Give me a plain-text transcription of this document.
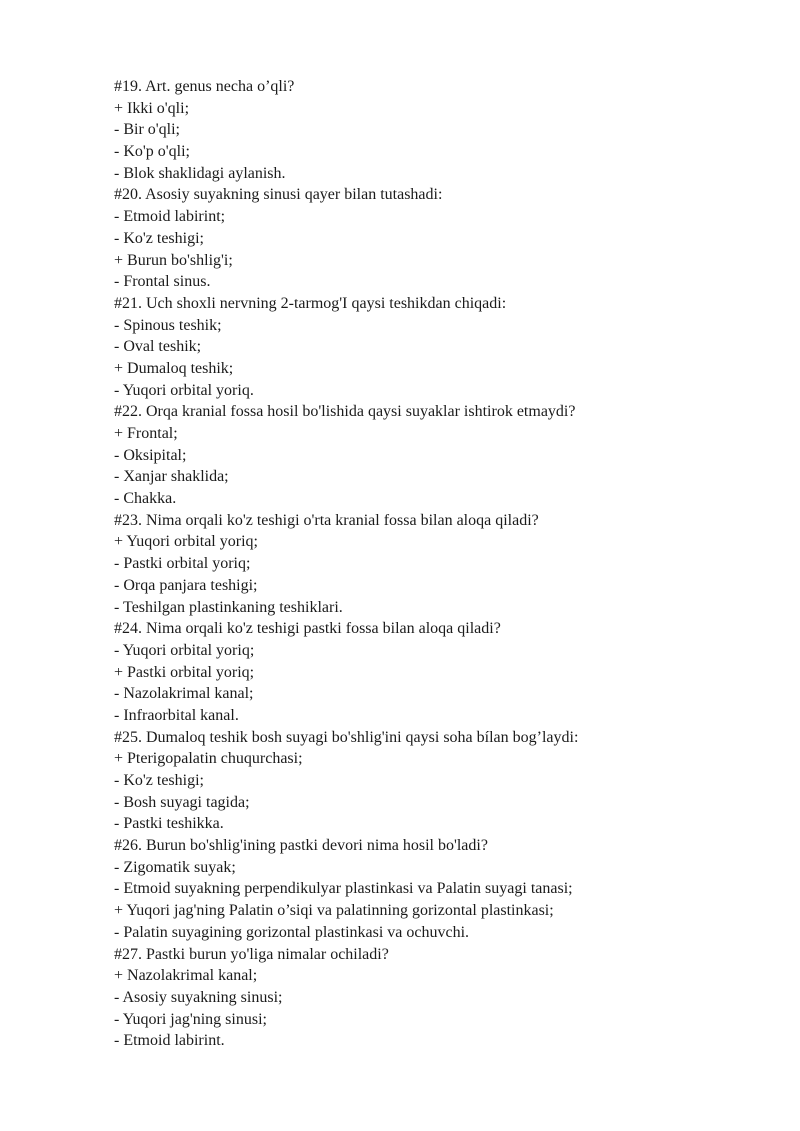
#19. Art. genus necha o’qli?

+ Ikki o'qli;

- Bir o'qli;

- Ko'p o'qli;

- Blok shaklidagi aylanish.

#20. Asosiy suyakning sinusi qayer bilan tutashadi:

- Etmoid labirint;

- Ko'z teshigi;

+ Burun bo'shlig'i;

- Frontal sinus.

#21. Uch shoxli nervning 2-tarmog'I qaysi teshikdan chiqadi:

- Spinous teshik;

- Oval teshik;

+ Dumaloq teshik;

- Yuqori orbital yoriq.

#22. Orqa kranial fossa hosil bo'lishida qaysi suyaklar ishtirok etmaydi?

+ Frontal;

- Oksipital;

- Xanjar shaklida;

- Chakka.

#23. Nima orqali ko'z teshigi o'rta kranial fossa bilan aloqa qiladi?

+ Yuqori orbital yoriq;

- Pastki orbital yoriq;

- Orqa panjara teshigi;

- Teshilgan plastinkaning teshiklari.

#24. Nima orqali ko'z teshigi pastki fossa bilan aloqa qiladi?

- Yuqori orbital yoriq;

+ Pastki orbital yoriq;

- Nazolakrimal kanal;

- Infraorbital kanal.

#25. Dumaloq teshik bosh suyagi bo'shlig'ini qaysi soha bílan bog’laydi:

+ Pterigopalatin chuqurchasi;

- Ko'z teshigi;

- Bosh suyagi tagida;

- Pastki teshikka.

#26. Burun bo'shlig'ining pastki devori nima hosil bo'ladi?

- Zigomatik suyak;

- Etmoid suyakning perpendikulyar plastinkasi va Palatin suyagi tanasi;

+ Yuqori jag'ning Palatin o’siqi va palatinning gorizontal plastinkasi;

- Palatin suyagining gorizontal plastinkasi va ochuvchi.

#27. Pastki burun yo'liga nimalar ochiladi?

+ Nazolakrimal kanal;

- Asosiy suyakning sinusi;

- Yuqori jag'ning sinusi;

- Etmoid labirint.
